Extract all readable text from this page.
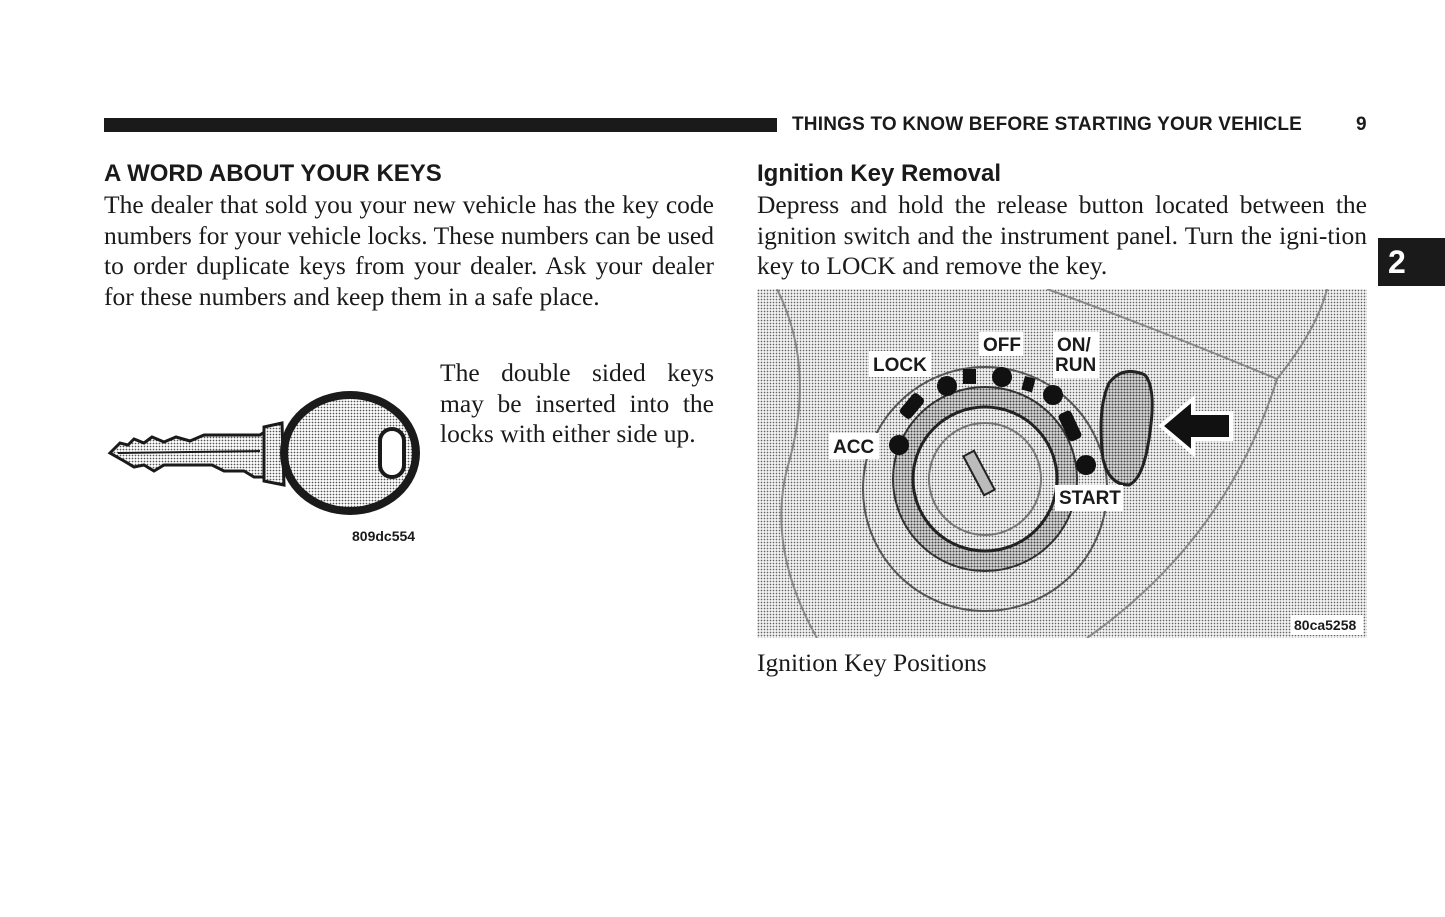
THINGS TO KNOW BEFORE STARTING YOUR VEHICLE	9
2
A WORD ABOUT YOUR KEYS
The dealer that sold you your new vehicle has the key code numbers for your vehicle locks. These numbers can be used to order duplicate keys from your dealer. Ask your dealer for these numbers and keep them in a safe place.
809dc554
The double sided keys may be inserted into the locks with either side up.
Ignition Key Removal
Depress and hold the release button located between the ignition switch and the instrument panel. Turn the igni-tion key to LOCK and remove the key.
LOCK
OFF ON/
RUN
ACC
START
80ca5258
Ignition Key Positions
